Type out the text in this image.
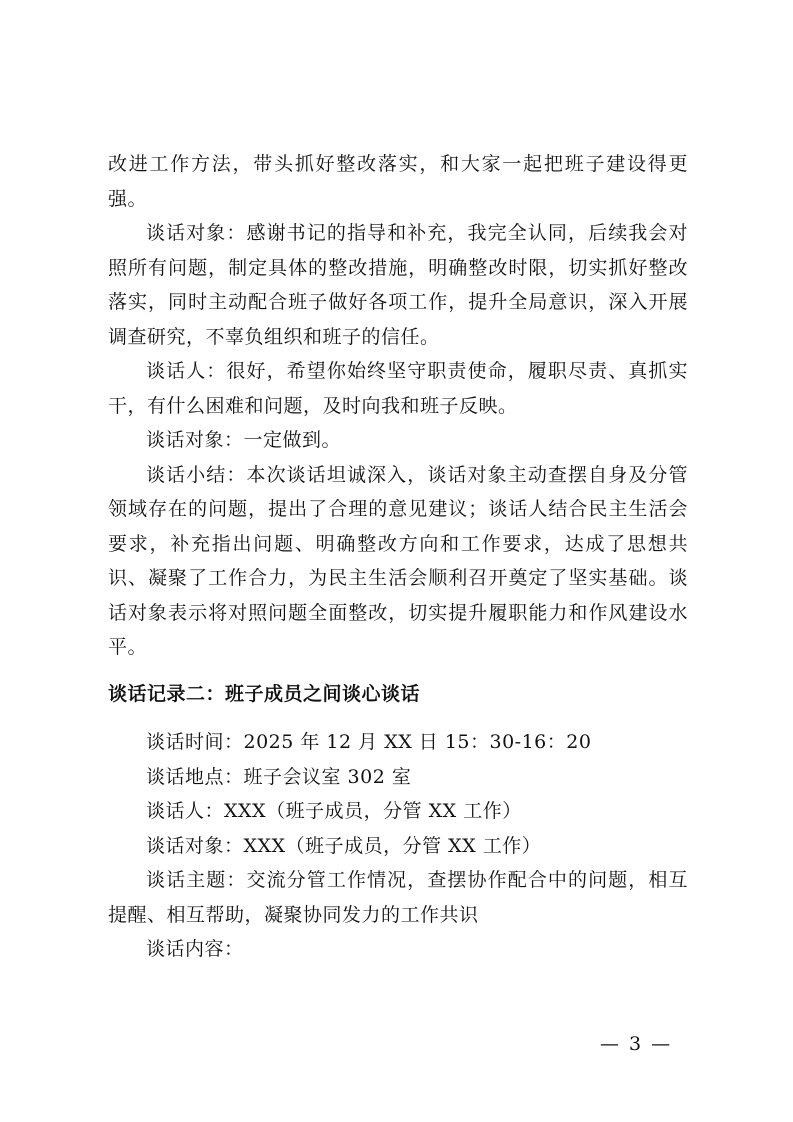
改进工作方法，带头抓好整改落实，和大家一起把班子建设得更强。

谈话对象：感谢书记的指导和补充，我完全认同，后续我会对照所有问题，制定具体的整改措施，明确整改时限，切实抓好整改落实，同时主动配合班子做好各项工作，提升全局意识，深入开展调查研究，不辜负组织和班子的信任。

谈话人：很好，希望你始终坚守职责使命，履职尽责、真抓实干，有什么困难和问题，及时向我和班子反映。

谈话对象：一定做到。

谈话小结：本次谈话坦诚深入，谈话对象主动查摆自身及分管领域存在的问题，提出了合理的意见建议；谈话人结合民主生活会要求，补充指出问题、明确整改方向和工作要求，达成了思想共识、凝聚了工作合力，为民主生活会顺利召开奠定了坚实基础。谈话对象表示将对照问题全面整改，切实提升履职能力和作风建设水平。

谈话记录二：班子成员之间谈心谈话

谈话时间：2025 年 12 月 XX 日 15：30-16：20

谈话地点：班子会议室 302 室

谈话人：XXX（班子成员，分管 XX 工作）

谈话对象：XXX（班子成员，分管 XX 工作）

谈话主题：交流分管工作情况，查摆协作配合中的问题，相互提醒、相互帮助，凝聚协同发力的工作共识

谈话内容：

— 3 —
